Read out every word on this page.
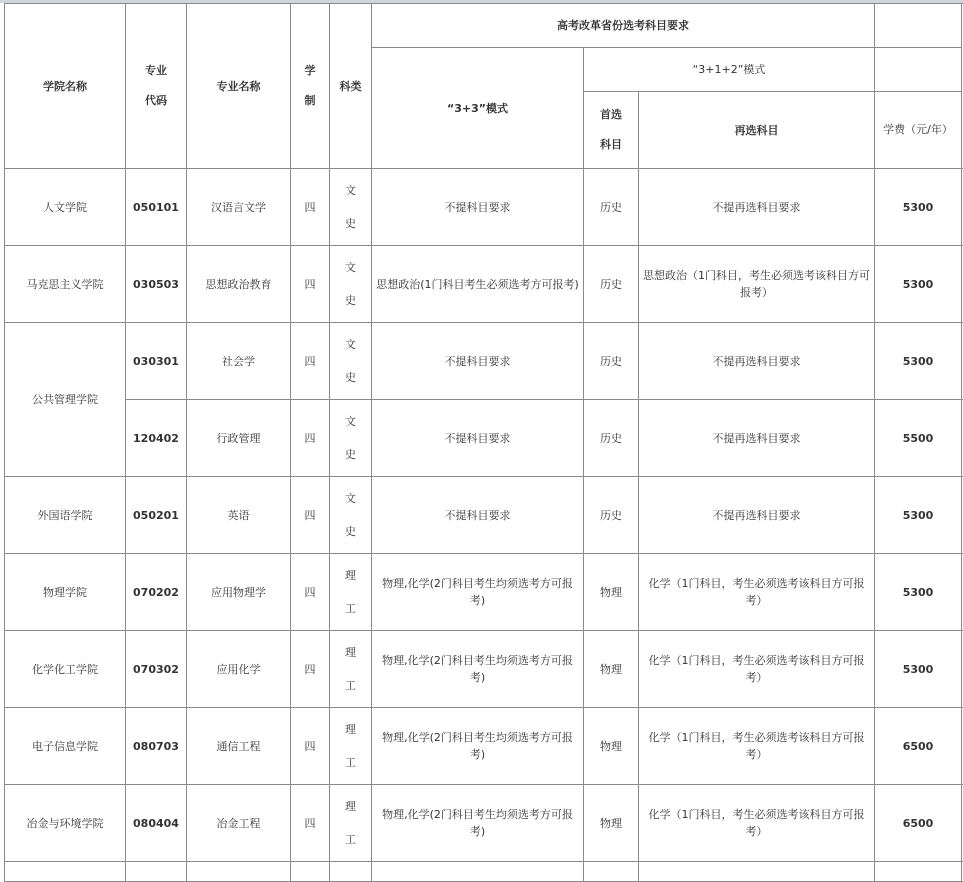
学院名称	专业代码	专业名称	学制	科类	高考改革省份选考科目要求				
					“3+3”模式	“3+1+2”模式			

						首选科目	再选科目	学费（元/年）	

人文学院	050101	汉语言文学	四	文史	不提科目要求	历史	不提再选科目要求	5300	
马克思主义学院	030503	思想政治教育	四	文史	思想政治(1门科目考生必须选考方可报考)	历史	思想政治（1门科目，考生必须选考该科目方可报考）	5300	
公共管理学院	030301	社会学	四	文史	不提科目要求	历史	不提再选科目要求	5300	
	120402	行政管理	四	文史	不提科目要求	历史	不提再选科目要求	5500	
外国语学院	050201	英语	四	文史	不提科目要求	历史	不提再选科目要求	5300	
物理学院	070202	应用物理学	四	理工	物理,化学(2门科目考生均须选考方可报考)	物理	化学（1门科目，考生必须选考该科目方可报考）	5300	
化学化工学院	070302	应用化学	四	理工	物理,化学(2门科目考生均须选考方可报考)	物理	化学（1门科目，考生必须选考该科目方可报考）	5300	
电子信息学院	080703	通信工程	四	理工	物理,化学(2门科目考生均须选考方可报考)	物理	化学（1门科目，考生必须选考该科目方可报考）	6500	
冶金与环境学院	080404	冶金工程	四	理工	物理,化学(2门科目考生均须选考方可报考)	物理	化学（1门科目，考生必须选考该科目方可报考）	6500	
